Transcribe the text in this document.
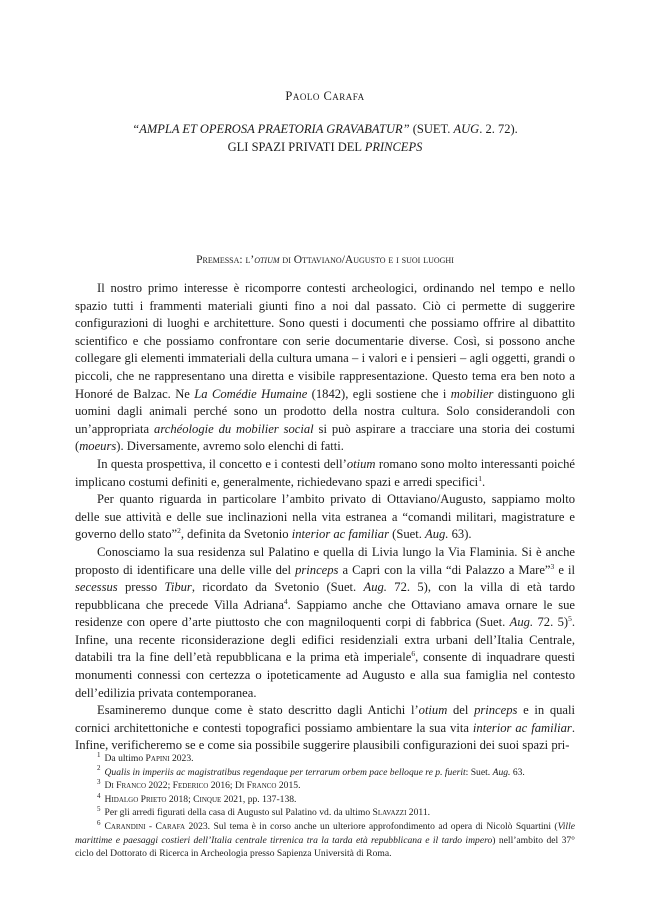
Paolo Carafa
“AMPLA ET OPEROSA PRAETORIA GRAVABATUR” (SUET. AUG. 2. 72).
GLI SPAZI PRIVATI DEL PRINCEPS
Premessa: l’otium di Ottaviano/Augusto e i suoi luoghi

Il nostro primo interesse è ricomporre contesti archeologici, ordinando nel tempo e nello spazio tutti i frammenti materiali giunti fino a noi dal passato. Ciò ci permette di suggerire configurazioni di luoghi e architetture. Sono questi i documenti che possiamo offrire al dibattito scientifico e che possiamo confrontare con serie documentarie diverse. Così, si possono anche collegare gli elementi immateriali della cultura umana – i valori e i pensieri – agli oggetti, grandi o piccoli, che ne rappresentano una diretta e visibile rappresentazione. Questo tema era ben noto a Honoré de Balzac. Ne La Comédie Humaine (1842), egli sostiene che i mobilier distinguono gli uomini dagli animali perché sono un prodotto della nostra cultura. Solo considerandoli con un’appropriata archéologie du mobilier social si può aspirare a tracciare una storia dei costumi (moeurs). Diversamente, avremo solo elenchi di fatti.

In questa prospettiva, il concetto e i contesti dell’otium romano sono molto interessanti poiché implicano costumi definiti e, generalmente, richiedevano spazi e arredi specifici$^1$.

Per quanto riguarda in particolare l’ambito privato di Ottaviano/Augusto, sappiamo molto delle sue attività e delle sue inclinazioni nella vita estranea a “comandi militari, magistrature e governo dello stato”$^2$, definita da Svetonio interior ac familiar (Suet. Aug. 63).

Conosciamo la sua residenza sul Palatino e quella di Livia lungo la Via Flaminia. Si è anche proposto di identificare una delle ville del princeps a Capri con la villa “di Palazzo a Mare”$^3$ e il secessus presso Tibur, ricordato da Svetonio (Suet. Aug. 72. 5), con la villa di età tardo repubblicana che precede Villa Adriana$^4$. Sappiamo anche che Ottaviano amava ornare le sue residenze con opere d’arte piuttosto che con magniloquenti corpi di fabbrica (Suet. Aug. 72. 5)$^5$. Infine, una recente riconsiderazione degli edifici residenziali extra urbani dell’Italia Centrale, databili tra la fine dell’età repubblicana e la prima età imperiale$^6$, consente di inquadrare questi monumenti connessi con certezza o ipoteticamente ad Augusto e alla sua famiglia nel contesto dell’edilizia privata contemporanea.

Esamineremo dunque come è stato descritto dagli Antichi l’otium del princeps e in quali cornici architettoniche e contesti topografici possiamo ambientare la sua vita interior ac familiar. Infine, verificheremo se e come sia possibile suggerire plausibili configurazioni dei suoi spazi pri-

$^1$ Da ultimo Papini 2023.

$^2$ Qualis in imperiis ac magistratibus regendaque per terrarum orbem pace belloque re p. fuerit: Suet. Aug. 63.

$^3$ Di Franco 2022; Federico 2016; Di Franco 2015.

$^4$ Hidalgo Prieto 2018; Cinque 2021, pp. 137-138.

$^5$ Per gli arredi figurati della casa di Augusto sul Palatino vd. da ultimo Slavazzi 2011.

$^6$ Carandini - Carafa 2023. Sul tema è in corso anche un ulteriore approfondimento ad opera di Nicolò Squartini (Ville marittime e paesaggi costieri dell’Italia centrale tirrenica tra la tarda età repubblicana e il tardo impero) nell’ambito del 37° ciclo del Dottorato di Ricerca in Archeologia presso Sapienza Università di Roma.
